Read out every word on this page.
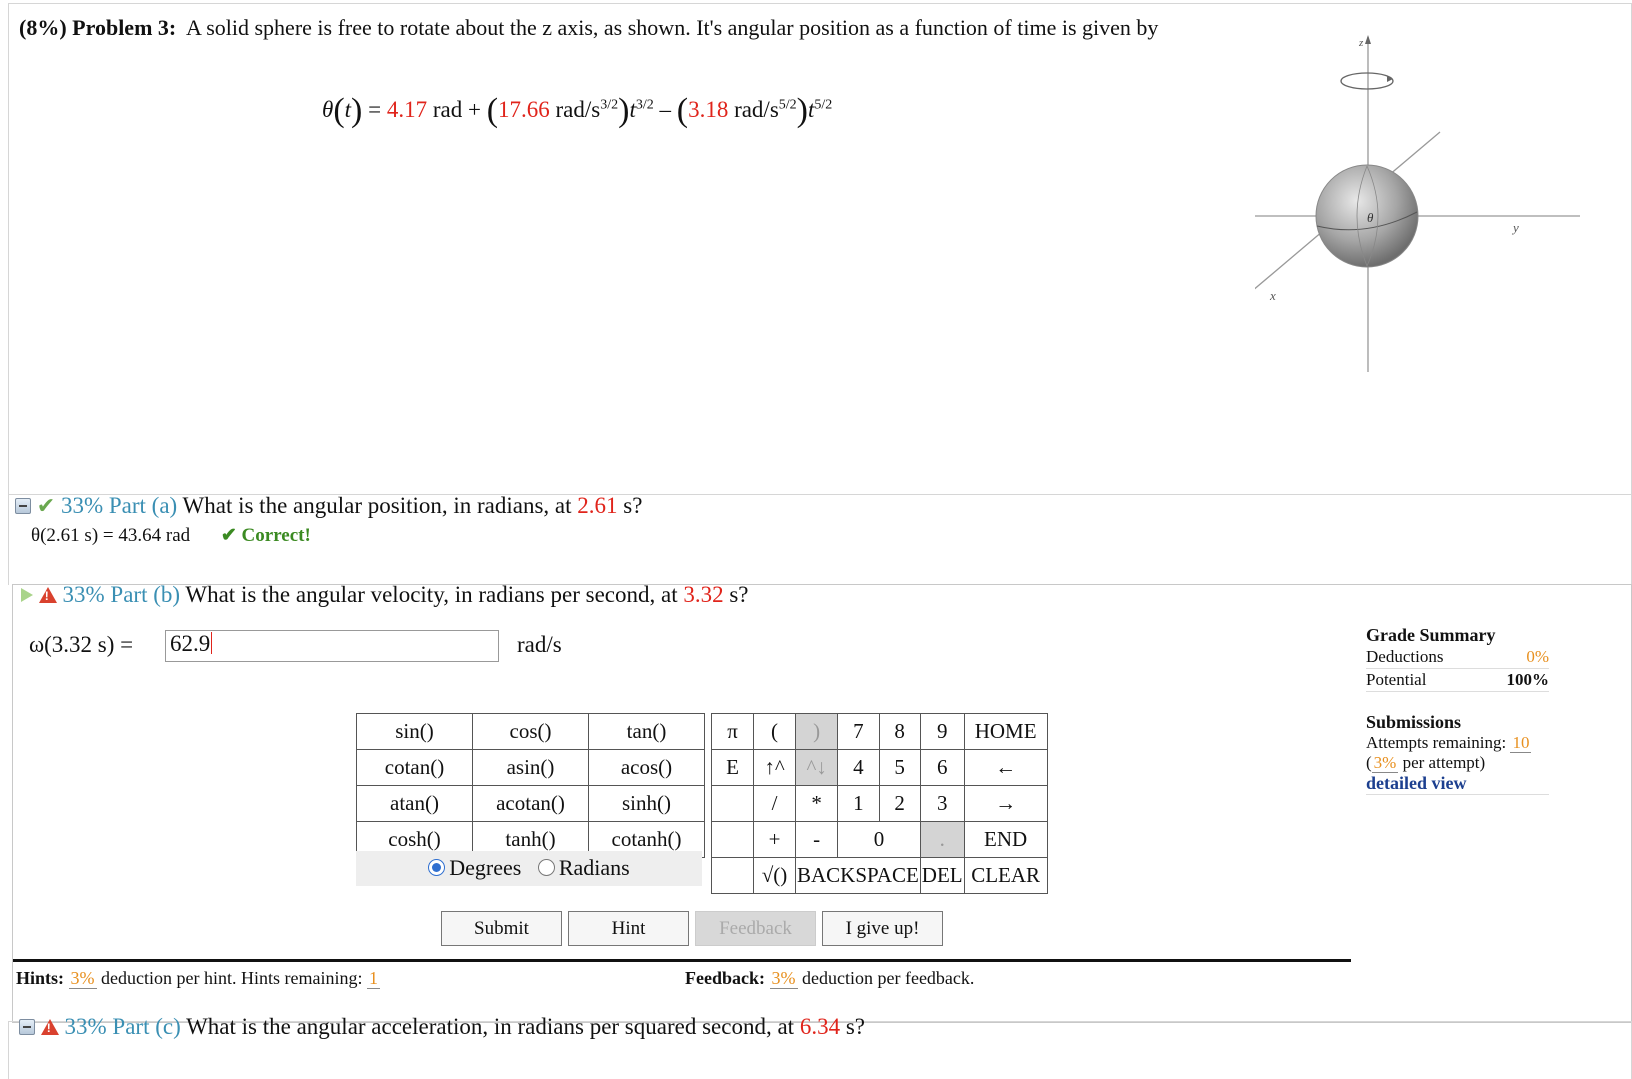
(8%) Problem 3: A solid sphere is free to rotate about the z axis, as shown. It's angular position as a function of time is given by
θ(t) = 4.17 rad + (17.66 rad/$s^{3/2})t^{3/2} - (3.18$ rad/$s^{5/2})t^{5/2}$
z
y
x
θ
✔ 33% Part (a) What is the angular position, in radians, at 2.61 s?
θ(2.61 s) = 43.64 rad ✔ Correct!
! 33% Part (b) What is the angular velocity, in radians per second, at 3.32 s?
ω(3.32 s) = 62.9	rad/s
sin()	cos()	tan()
cotan()	asin()	acos()
atan()	acotan()	sinh()
cosh()	tanh()	cotanh()
Degrees Radians
π	(	)	7	8	9	HOME
E	↑^	^↓	4	5	6	←
	/	*	1	2	3	→
	+	-	0		.	END
	√()	BACKSPACE			DEL	CLEAR
Submit	Hint	Feedback	I give up!
Hints: 3% deduction per hint. Hints remaining: 1	Feedback: 3% deduction per feedback.
Grade Summary
Deductions	0%
Potential	100%
Submissions
Attempts remaining: 10
( 3% per attempt)
detailed view
! 33% Part (c) What is the angular acceleration, in radians per squared second, at 6.34 s?
